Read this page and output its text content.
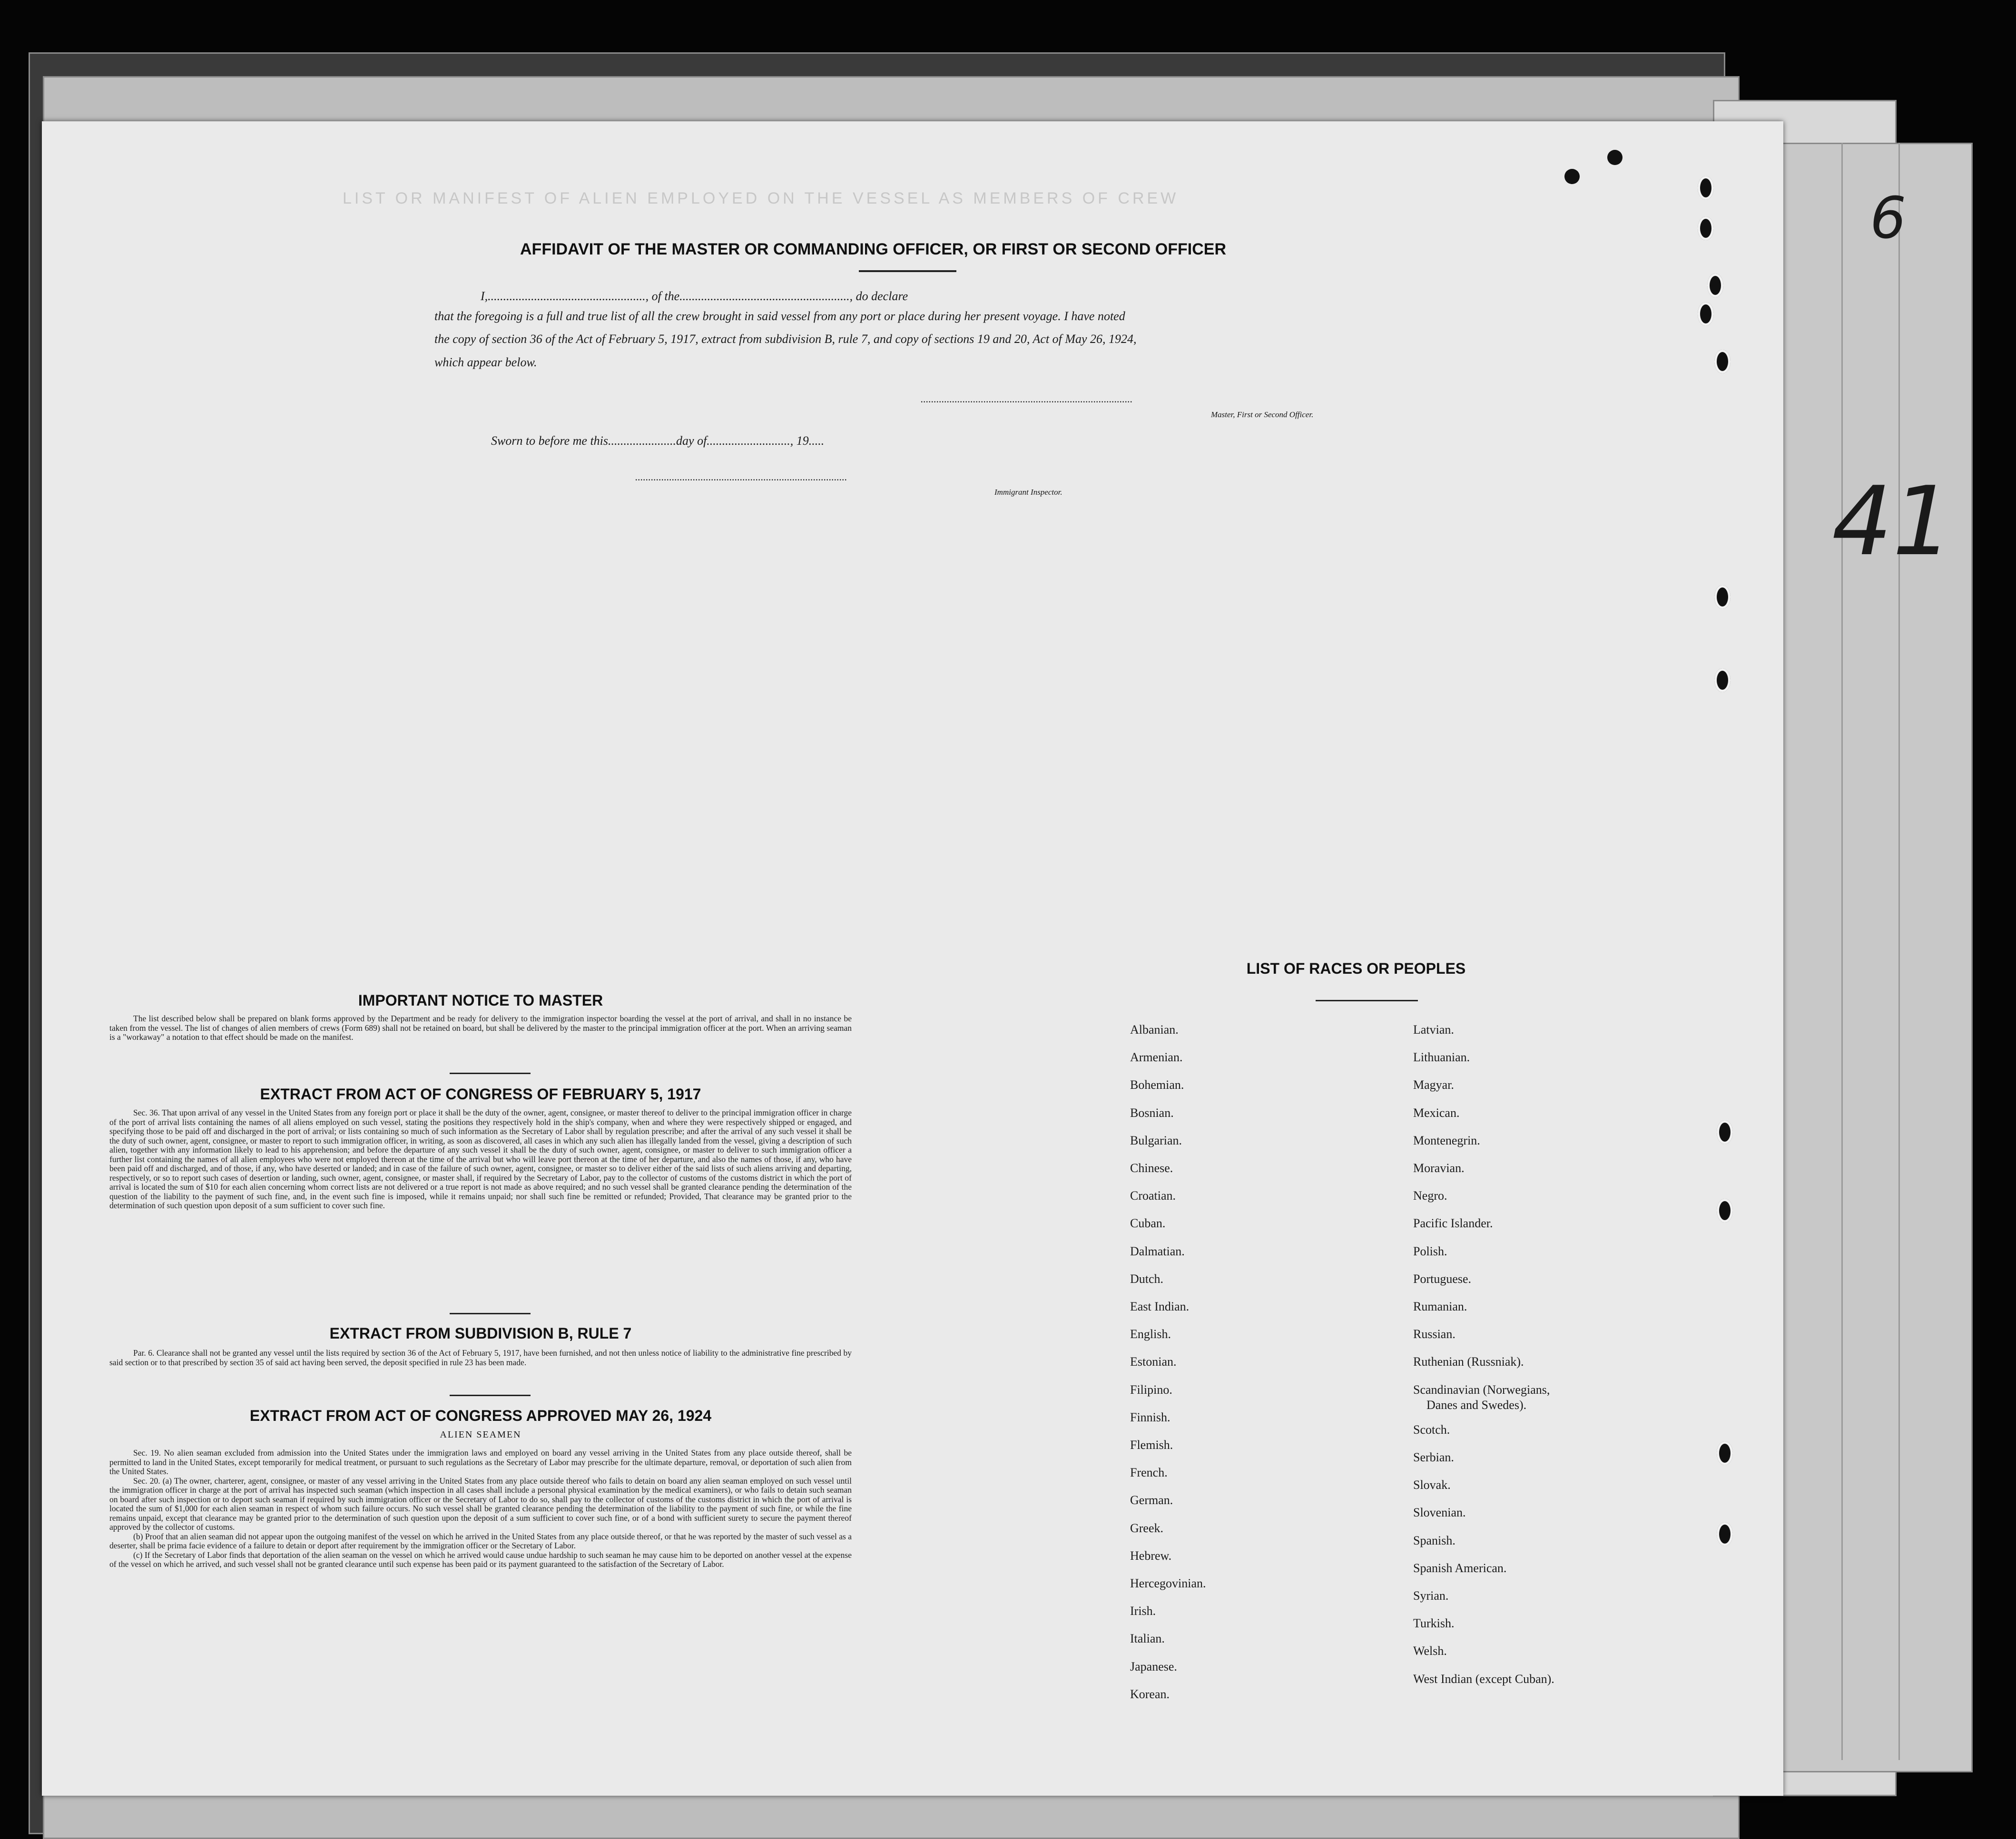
41
6
LIST OR MANIFEST OF ALIEN EMPLOYED ON THE VESSEL AS MEMBERS OF CREW
AFFIDAVIT OF THE MASTER OR COMMANDING OFFICER, OR FIRST OR SECOND OFFICER
I,..................................................., of the......................................................., do declare
that the foregoing is a full and true list of all the crew brought in said vessel from any port or place during her present voyage. I have noted
the copy of section 36 of the Act of February 5, 1917, extract from subdivision B, rule 7, and copy of sections 19 and 20, Act of May 26, 1924,
which appear below.
.................................................................................
Master, First or Second Officer.
Sworn to before me this......................day of..........................., 19.....
.................................................................................
Immigrant Inspector.
IMPORTANT NOTICE TO MASTER

The list described below shall be prepared on blank forms approved by the Department and be ready for delivery to the immigration inspector boarding the vessel at the port of arrival, and shall in no instance be taken from the vessel. The list of changes of alien members of crews (Form 689) shall not be retained on board, but shall be delivered by the master to the principal immigration officer at the port. When an arriving seaman is a "workaway" a notation to that effect should be made on the manifest.

EXTRACT FROM ACT OF CONGRESS OF FEBRUARY 5, 1917

Sec. 36. That upon arrival of any vessel in the United States from any foreign port or place it shall be the duty of the owner, agent, consignee, or master thereof to deliver to the principal immigration officer in charge of the port of arrival lists containing the names of all aliens employed on such vessel, stating the positions they respectively hold in the ship's company, when and where they were respectively shipped or engaged, and specifying those to be paid off and discharged in the port of arrival; or lists containing so much of such information as the Secretary of Labor shall by regulation prescribe; and after the arrival of any such vessel it shall be the duty of such owner, agent, consignee, or master to report to such immigration officer, in writing, as soon as discovered, all cases in which any such alien has illegally landed from the vessel, giving a description of such alien, together with any information likely to lead to his apprehension; and before the departure of any such vessel it shall be the duty of such owner, agent, consignee, or master to deliver to such immigration officer a further list containing the names of all alien employees who were not employed thereon at the time of the arrival but who will leave port thereon at the time of her departure, and also the names of those, if any, who have been paid off and discharged, and of those, if any, who have deserted or landed; and in case of the failure of such owner, agent, consignee, or master so to deliver either of the said lists of such aliens arriving and departing, respectively, or so to report such cases of desertion or landing, such owner, agent, consignee, or master shall, if required by the Secretary of Labor, pay to the collector of customs of the customs district in which the port of arrival is located the sum of $10 for each alien concerning whom correct lists are not delivered or a true report is not made as above required; and no such vessel shall be granted clearance pending the determination of the question of the liability to the payment of such fine, and, in the event such fine is imposed, while it remains unpaid; nor shall such fine be remitted or refunded; Provided, That clearance may be granted prior to the determination of such question upon deposit of a sum sufficient to cover such fine.

EXTRACT FROM SUBDIVISION B, RULE 7

Par. 6. Clearance shall not be granted any vessel until the lists required by section 36 of the Act of February 5, 1917, have been furnished, and not then unless notice of liability to the administrative fine prescribed by said section or to that prescribed by section 35 of said act having been served, the deposit specified in rule 23 has been made.

EXTRACT FROM ACT OF CONGRESS APPROVED MAY 26, 1924
ALIEN SEAMEN

Sec. 19. No alien seaman excluded from admission into the United States under the immigration laws and employed on board any vessel arriving in the United States from any place outside thereof, shall be permitted to land in the United States, except temporarily for medical treatment, or pursuant to such regulations as the Secretary of Labor may prescribe for the ultimate departure, removal, or deportation of such alien from the United States.

Sec. 20. (a) The owner, charterer, agent, consignee, or master of any vessel arriving in the United States from any place outside thereof who fails to detain on board any alien seaman employed on such vessel until the immigration officer in charge at the port of arrival has inspected such seaman (which inspection in all cases shall include a personal physical examination by the medical examiners), or who fails to detain such seaman on board after such inspection or to deport such seaman if required by such immigration officer or the Secretary of Labor to do so, shall pay to the collector of customs of the customs district in which the port of arrival is located the sum of $1,000 for each alien seaman in respect of whom such failure occurs. No such vessel shall be granted clearance pending the determination of the liability to the payment of such fine, or while the fine remains unpaid, except that clearance may be granted prior to the determination of such question upon the deposit of a sum sufficient to cover such fine, or of a bond with sufficient surety to secure the payment thereof approved by the collector of customs.

(b) Proof that an alien seaman did not appear upon the outgoing manifest of the vessel on which he arrived in the United States from any place outside thereof, or that he was reported by the master of such vessel as a deserter, shall be prima facie evidence of a failure to detain or deport after requirement by the immigration officer or the Secretary of Labor.

(c) If the Secretary of Labor finds that deportation of the alien seaman on the vessel on which he arrived would cause undue hardship to such seaman he may cause him to be deported on another vessel at the expense of the vessel on which he arrived, and such vessel shall not be granted clearance until such expense has been paid or its payment guaranteed to the satisfaction of the Secretary of Labor.

LIST OF RACES OR PEOPLES
Albanian.
Armenian.
Bohemian.
Bosnian.
Bulgarian.
Chinese.
Croatian.
Cuban.
Dalmatian.
Dutch.
East Indian.
English.
Estonian.
Filipino.
Finnish.
Flemish.
French.
German.
Greek.
Hebrew.
Hercegovinian.
Irish.
Italian.
Japanese.
Korean.
Latvian.
Lithuanian.
Magyar.
Mexican.
Montenegrin.
Moravian.
Negro.
Pacific Islander.
Polish.
Portuguese.
Rumanian.
Russian.
Ruthenian (Russniak).
Scandinavian (Norwegians,
Danes and Swedes).
Scotch.
Serbian.
Slovak.
Slovenian.
Spanish.
Spanish American.
Syrian.
Turkish.
Welsh.
West Indian (except Cuban).
